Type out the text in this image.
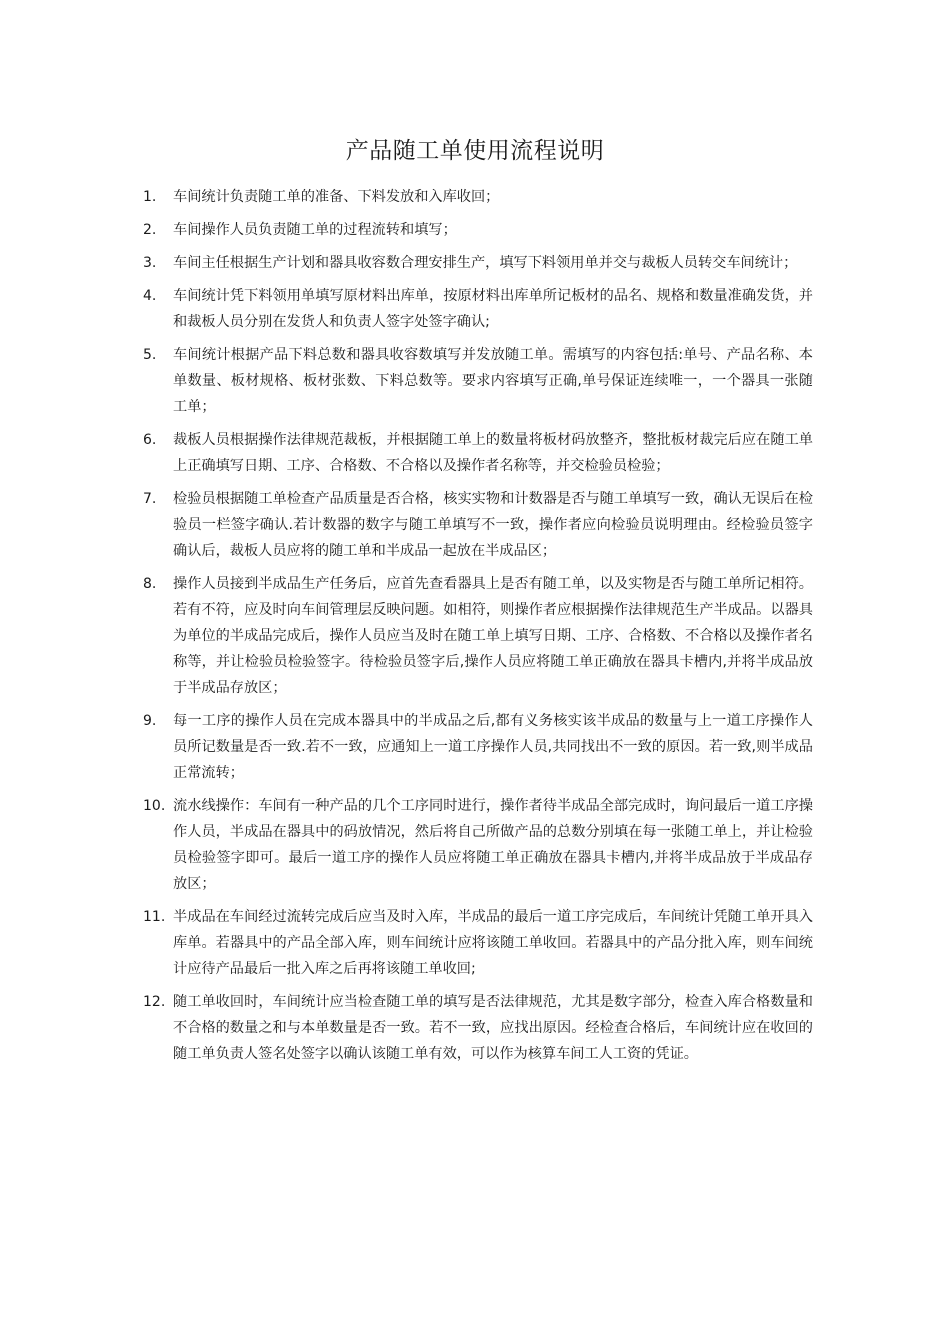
产品随工单使用流程说明
1.	车间统计负责随工单的准备、下料发放和入库收回；
2.	车间操作人员负责随工单的过程流转和填写；
3.	车间主任根据生产计划和器具收容数合理安排生产，填写下料领用单并交与裁板人员转交车间统计；
4.	车间统计凭下料领用单填写原材料出库单，按原材料出库单所记板材的品名、规格和数量准确发货，并和裁板人员分别在发货人和负责人签字处签字确认;
5.	车间统计根据产品下料总数和器具收容数填写并发放随工单。需填写的内容包括:单号、产品名称、本单数量、板材规格、板材张数、下料总数等。要求内容填写正确,单号保证连续唯一，一个器具一张随工单；
6.	裁板人员根据操作法律规范裁板，并根据随工单上的数量将板材码放整齐，整批板材裁完后应在随工单上正确填写日期、工序、合格数、不合格以及操作者名称等，并交检验员检验；
7.	检验员根据随工单检查产品质量是否合格，核实实物和计数器是否与随工单填写一致，确认无误后在检验员一栏签字确认.若计数器的数字与随工单填写不一致，操作者应向检验员说明理由。经检验员签字确认后，裁板人员应将的随工单和半成品一起放在半成品区；
8.	操作人员接到半成品生产任务后，应首先查看器具上是否有随工单，以及实物是否与随工单所记相符。若有不符，应及时向车间管理层反映问题。如相符，则操作者应根据操作法律规范生产半成品。以器具为单位的半成品完成后，操作人员应当及时在随工单上填写日期、工序、合格数、不合格以及操作者名称等，并让检验员检验签字。待检验员签字后,操作人员应将随工单正确放在器具卡槽内,并将半成品放于半成品存放区；
9.	每一工序的操作人员在完成本器具中的半成品之后,都有义务核实该半成品的数量与上一道工序操作人员所记数量是否一致.若不一致，应通知上一道工序操作人员,共同找出不一致的原因。若一致,则半成品正常流转；
10. 流水线操作：车间有一种产品的几个工序同时进行，操作者待半成品全部完成时，询问最后一道工序操作人员，半成品在器具中的码放情况，然后将自己所做产品的总数分别填在每一张随工单上，并让检验员检验签字即可。最后一道工序的操作人员应将随工单正确放在器具卡槽内,并将半成品放于半成品存放区；
11. 半成品在车间经过流转完成后应当及时入库，半成品的最后一道工序完成后，车间统计凭随工单开具入库单。若器具中的产品全部入库，则车间统计应将该随工单收回。若器具中的产品分批入库，则车间统计应待产品最后一批入库之后再将该随工单收回;
12. 随工单收回时，车间统计应当检查随工单的填写是否法律规范，尤其是数字部分，检查入库合格数量和不合格的数量之和与本单数量是否一致。若不一致，应找出原因。经检查合格后，车间统计应在收回的随工单负责人签名处签字以确认该随工单有效，可以作为核算车间工人工资的凭证。
